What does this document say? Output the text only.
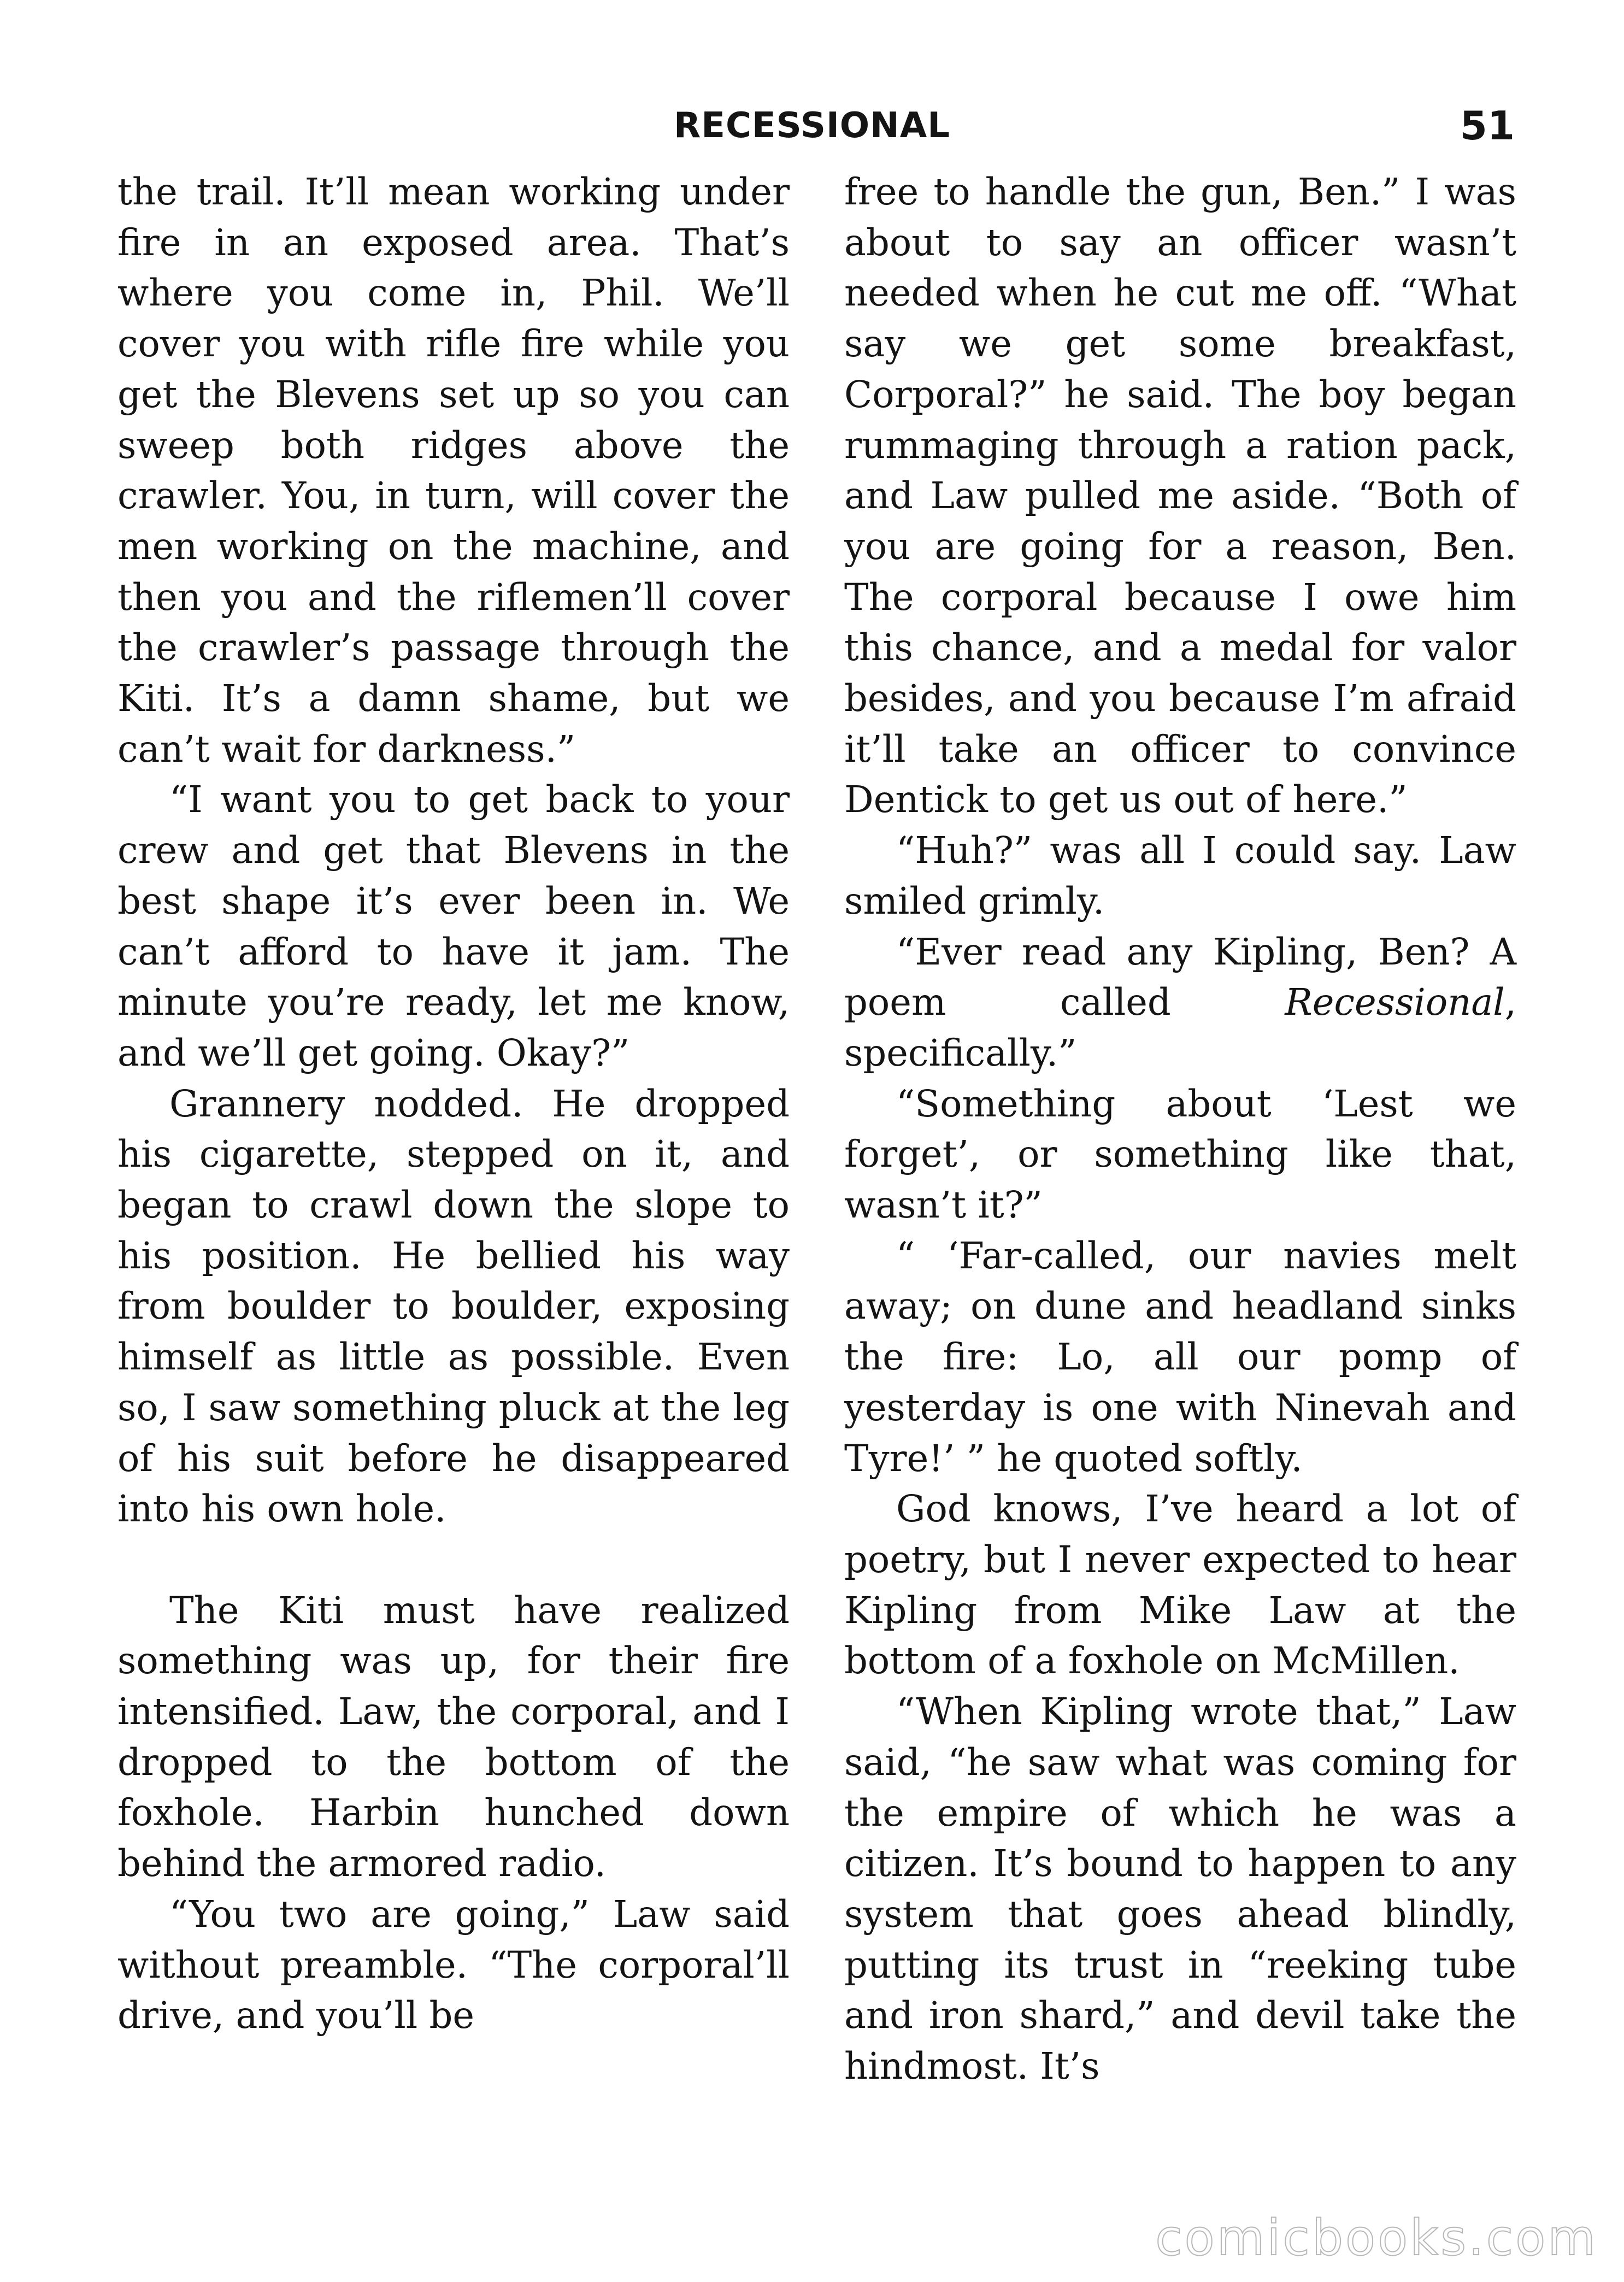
RECESSIONAL	51

the trail. It’ll mean working under fire in an exposed area. That’s where you come in, Phil. We’ll cover you with rifle fire while you get the Blevens set up so you can sweep both ridges above the crawler. You, in turn, will cover the men working on the machine, and then you and the riflemen’ll cover the crawler’s passage through the Kiti. It’s a damn shame, but we can’t wait for darkness.”

“I want you to get back to your crew and get that Blevens in the best shape it’s ever been in. We can’t afford to have it jam. The minute you’re ready, let me know, and we’ll get going. Okay?”

Grannery nodded. He dropped his cigarette, stepped on it, and began to crawl down the slope to his position. He bellied his way from boulder to boulder, exposing himself as little as possible. Even so, I saw something pluck at the leg of his suit before he disappeared into his own hole.

The Kiti must have realized something was up, for their fire intensified. Law, the corporal, and I dropped to the bottom of the foxhole. Harbin hunched down behind the armored radio.

“You two are going,” Law said without preamble. “The corporal’ll drive, and you’ll be

free to handle the gun, Ben.” I was about to say an officer wasn’t needed when he cut me off. “What say we get some breakfast, Corporal?” he said. The boy began rummaging through a ration pack, and Law pulled me aside. “Both of you are going for a reason, Ben. The corporal because I owe him this chance, and a medal for valor besides, and you because I’m afraid it’ll take an officer to convince Dentick to get us out of here.”

“Huh?” was all I could say. Law smiled grimly.

“Ever read any Kipling, Ben? A poem called Recessional, specifically.”

“Something about ‘Lest we forget’, or something like that, wasn’t it?”

“ ‘Far-called, our navies melt away; on dune and headland sinks the fire: Lo, all our pomp of yesterday is one with Ninevah and Tyre!’ ” he quoted softly.

God knows, I’ve heard a lot of poetry, but I never expected to hear Kipling from Mike Law at the bottom of a foxhole on McMillen.

“When Kipling wrote that,” Law said, “he saw what was coming for the empire of which he was a citizen. It’s bound to happen to any system that goes ahead blindly, putting its trust in “reeking tube and iron shard,” and devil take the hindmost. It’s

comicbooks.com
